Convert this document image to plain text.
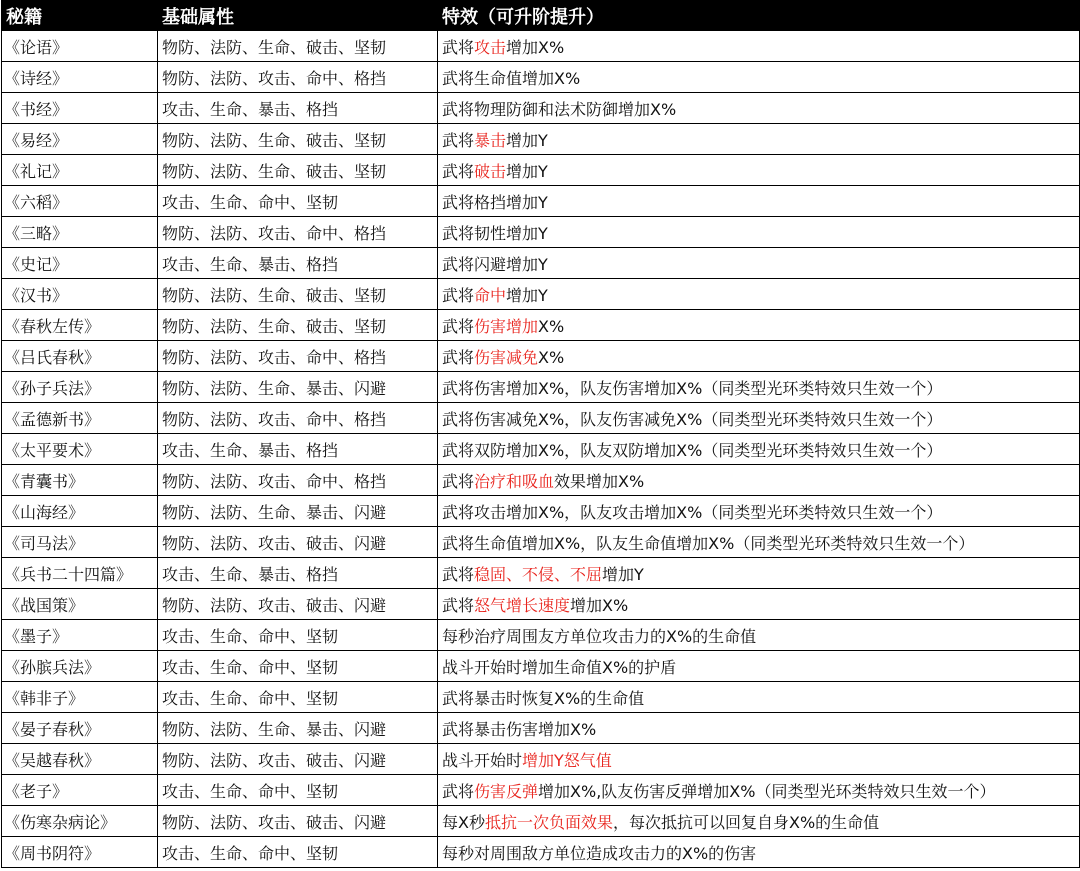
秘籍	基础属性	特效（可升阶提升）
《论语》	物防、法防、生命、破击、坚韧	武将攻击增加X%
《诗经》	物防、法防、攻击、命中、格挡	武将生命值增加X%
《书经》	攻击、生命、暴击、格挡	武将物理防御和法术防御增加X%
《易经》	物防、法防、生命、破击、坚韧	武将暴击增加Y
《礼记》	物防、法防、生命、破击、坚韧	武将破击增加Y
《六稻》	攻击、生命、命中、坚韧	武将格挡增加Y
《三略》	物防、法防、攻击、命中、格挡	武将韧性增加Y
《史记》	攻击、生命、暴击、格挡	武将闪避增加Y
《汉书》	物防、法防、生命、破击、坚韧	武将命中增加Y
《春秋左传》	物防、法防、生命、破击、坚韧	武将伤害增加X%
《吕氏春秋》	物防、法防、攻击、命中、格挡	武将伤害减免X%
《孙子兵法》	物防、法防、生命、暴击、闪避	武将伤害增加X%，队友伤害增加X%（同类型光环类特效只生效一个）
《孟德新书》	物防、法防、攻击、命中、格挡	武将伤害减免X%，队友伤害减免X%（同类型光环类特效只生效一个）
《太平要术》	攻击、生命、暴击、格挡	武将双防增加X%，队友双防增加X%（同类型光环类特效只生效一个）
《青囊书》	物防、法防、攻击、命中、格挡	武将治疗和吸血效果增加X%
《山海经》	物防、法防、生命、暴击、闪避	武将攻击增加X%，队友攻击增加X%（同类型光环类特效只生效一个）
《司马法》	物防、法防、攻击、破击、闪避	武将生命值增加X%，队友生命值增加X%（同类型光环类特效只生效一个）
《兵书二十四篇》	攻击、生命、暴击、格挡	武将稳固、不侵、不屈增加Y
《战国策》	物防、法防、攻击、破击、闪避	武将怒气增长速度增加X%
《墨子》	攻击、生命、命中、坚韧	每秒治疗周围友方单位攻击力的X%的生命值
《孙膑兵法》	攻击、生命、命中、坚韧	战斗开始时增加生命值X%的护盾
《韩非子》	攻击、生命、命中、坚韧	武将暴击时恢复X%的生命值
《晏子春秋》	物防、法防、生命、暴击、闪避	武将暴击伤害增加X%
《吴越春秋》	物防、法防、攻击、破击、闪避	战斗开始时增加Y怒气值
《老子》	攻击、生命、命中、坚韧	武将伤害反弹增加X%,队友伤害反弹增加X%（同类型光环类特效只生效一个）
《伤寒杂病论》	物防、法防、攻击、破击、闪避	每X秒抵抗一次负面效果，每次抵抗可以回复自身X%的生命值
《周书阴符》	攻击、生命、命中、坚韧	每秒对周围敌方单位造成攻击力的X%的伤害
